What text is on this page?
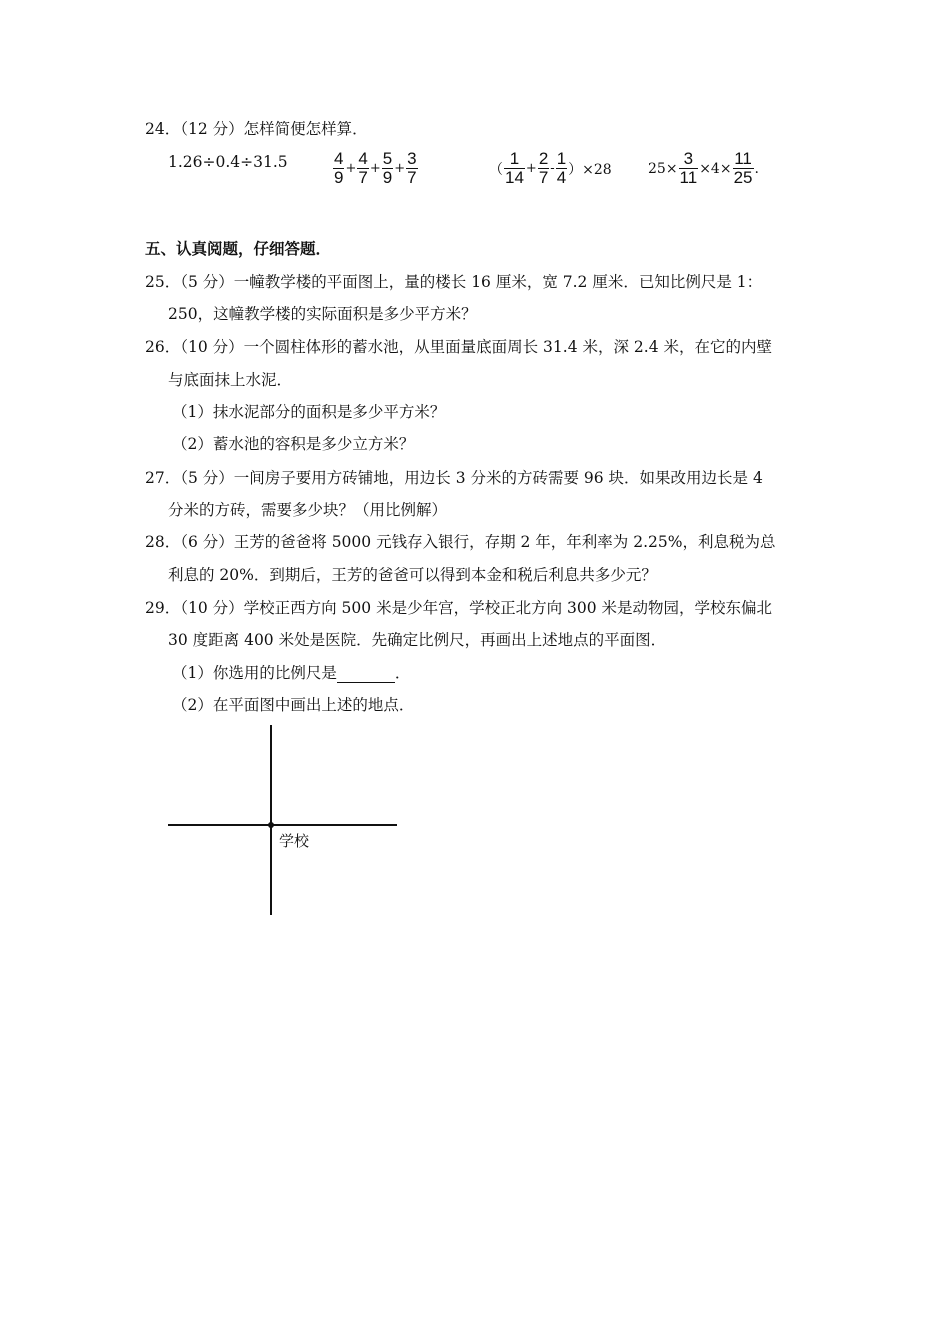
24．（12 分）怎样简便怎样算．
1.26÷0.4÷31.5	$\frac{4}{9} + \frac{4}{7} + \frac{5}{9} + \frac{3}{7}$	（ $\frac{1}{14} + \frac{2}{7} - \frac{1}{4} )\times 28$	$25\times \frac{3}{11} \times 4\times \frac{11}{25}$ .
五、认真阅题，仔细答题．
25．（5 分）一幢教学楼的平面图上，量的楼长 16 厘米，宽 7.2 厘米．已知比例尺是 1：
250，这幢教学楼的实际面积是多少平方米？
26．（10 分）一个圆柱体形的蓄水池，从里面量底面周长 31.4 米，深 2.4 米，在它的内壁
与底面抹上水泥．
（1）抹水泥部分的面积是多少平方米？
（2）蓄水池的容积是多少立方米？
27．（5 分）一间房子要用方砖铺地，用边长 3 分米的方砖需要 96 块．如果改用边长是 4
分米的方砖，需要多少块？（用比例解）
28．（6 分）王芳的爸爸将 5000 元钱存入银行，存期 2 年，年利率为 2.25%，利息税为总
利息的 20%．到期后，王芳的爸爸可以得到本金和税后利息共多少元？
29．（10 分）学校正西方向 500 米是少年宫，学校正北方向 300 米是动物园，学校东偏北
30 度距离 400 米处是医院．先确定比例尺，再画出上述地点的平面图．
（1）你选用的比例尺是	．
（2）在平面图中画出上述的地点．
学校
